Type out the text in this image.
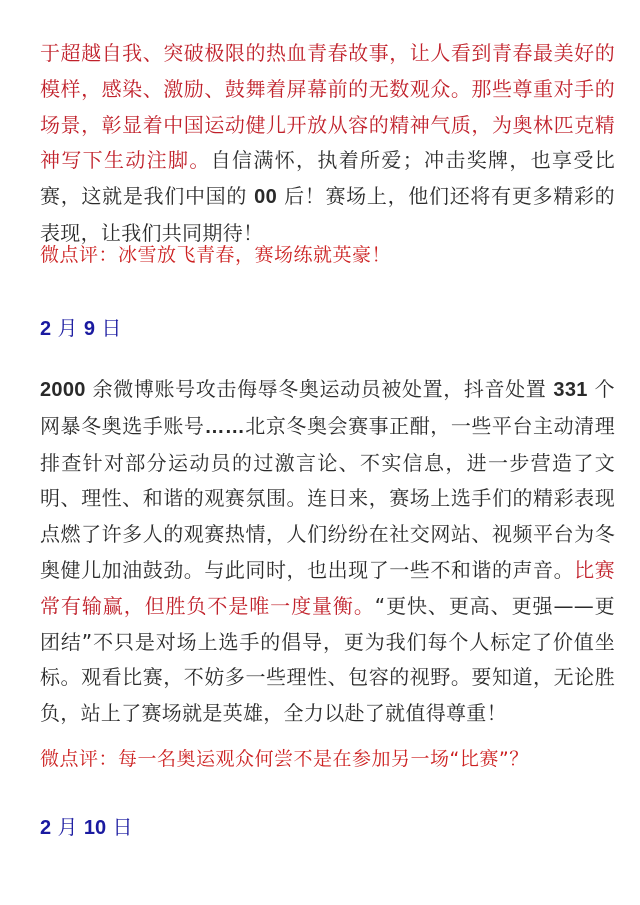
于超越自我、突破极限的热血青春故事，让人看到青春最美好的模样，感染、激励、鼓舞着屏幕前的无数观众。那些尊重对手的场景，彰显着中国运动健儿开放从容的精神气质，为奥林匹克精神写下生动注脚。自信满怀，执着所爱；冲击奖牌，也享受比赛，这就是我们中国的 00 后！赛场上，他们还将有更多精彩的表现，让我们共同期待！

微点评：冰雪放飞青春，赛场练就英豪！
2 月 9 日

2000 余微博账号攻击侮辱冬奥运动员被处置，抖音处置 331 个网暴冬奥选手账号……北京冬奥会赛事正酣，一些平台主动清理排查针对部分运动员的过激言论、不实信息，进一步营造了文明、理性、和谐的观赛氛围。连日来，赛场上选手们的精彩表现点燃了许多人的观赛热情，人们纷纷在社交网站、视频平台为冬奥健儿加油鼓劲。与此同时，也出现了一些不和谐的声音。比赛常有输赢，但胜负不是唯一度量衡。“更快、更高、更强——更团结”不只是对场上选手的倡导，更为我们每个人标定了价值坐标。观看比赛，不妨多一些理性、包容的视野。要知道，无论胜负，站上了赛场就是英雄，全力以赴了就值得尊重！

微点评：每一名奥运观众何尝不是在参加另一场“比赛”？
2 月 10 日
